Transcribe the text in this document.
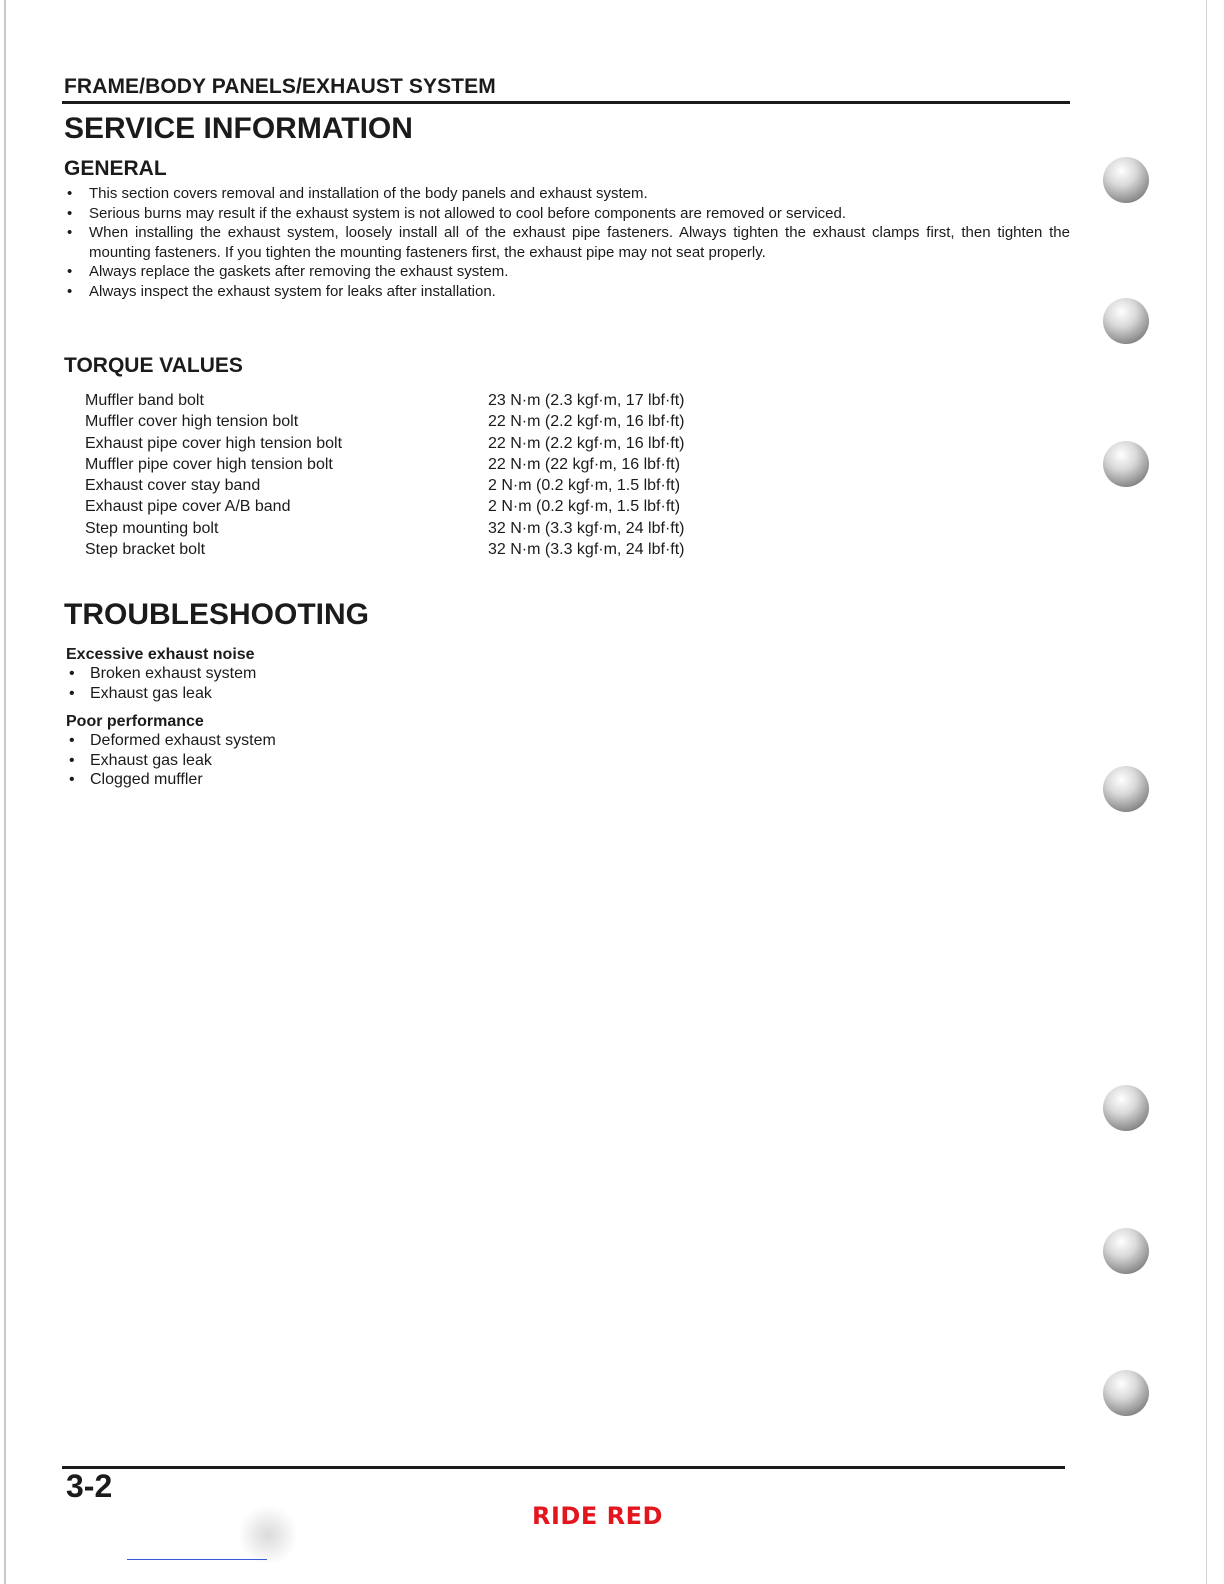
FRAME/BODY PANELS/EXHAUST SYSTEM
SERVICE INFORMATION
GENERAL
• This section covers removal and installation of the body panels and exhaust system.
• Serious burns may result if the exhaust system is not allowed to cool before components are removed or serviced.
• When installing the exhaust system, loosely install all of the exhaust pipe fasteners. Always tighten the exhaust clamps first, then tighten the mounting fasteners. If you tighten the mounting fasteners first, the exhaust pipe may not seat properly.
• Always replace the gaskets after removing the exhaust system.
• Always inspect the exhaust system for leaks after installation.
TORQUE VALUES
Muffler band bolt	23 N·m (2.3 kgf·m, 17 lbf·ft)
Muffler cover high tension bolt	22 N·m (2.2 kgf·m, 16 lbf·ft)
Exhaust pipe cover high tension bolt	22 N·m (2.2 kgf·m, 16 lbf·ft)
Muffler pipe cover high tension bolt	22 N·m (22 kgf·m, 16 lbf·ft)
Exhaust cover stay band	2 N·m (0.2 kgf·m, 1.5 lbf·ft)
Exhaust pipe cover A/B band	2 N·m (0.2 kgf·m, 1.5 lbf·ft)
Step mounting bolt	32 N·m (3.3 kgf·m, 24 lbf·ft)
Step bracket bolt	32 N·m (3.3 kgf·m, 24 lbf·ft)
TROUBLESHOOTING
Excessive exhaust noise
• Broken exhaust system
• Exhaust gas leak
Poor performance
• Deformed exhaust system
• Exhaust gas leak
• Clogged muffler
3-2
RIDE RED
